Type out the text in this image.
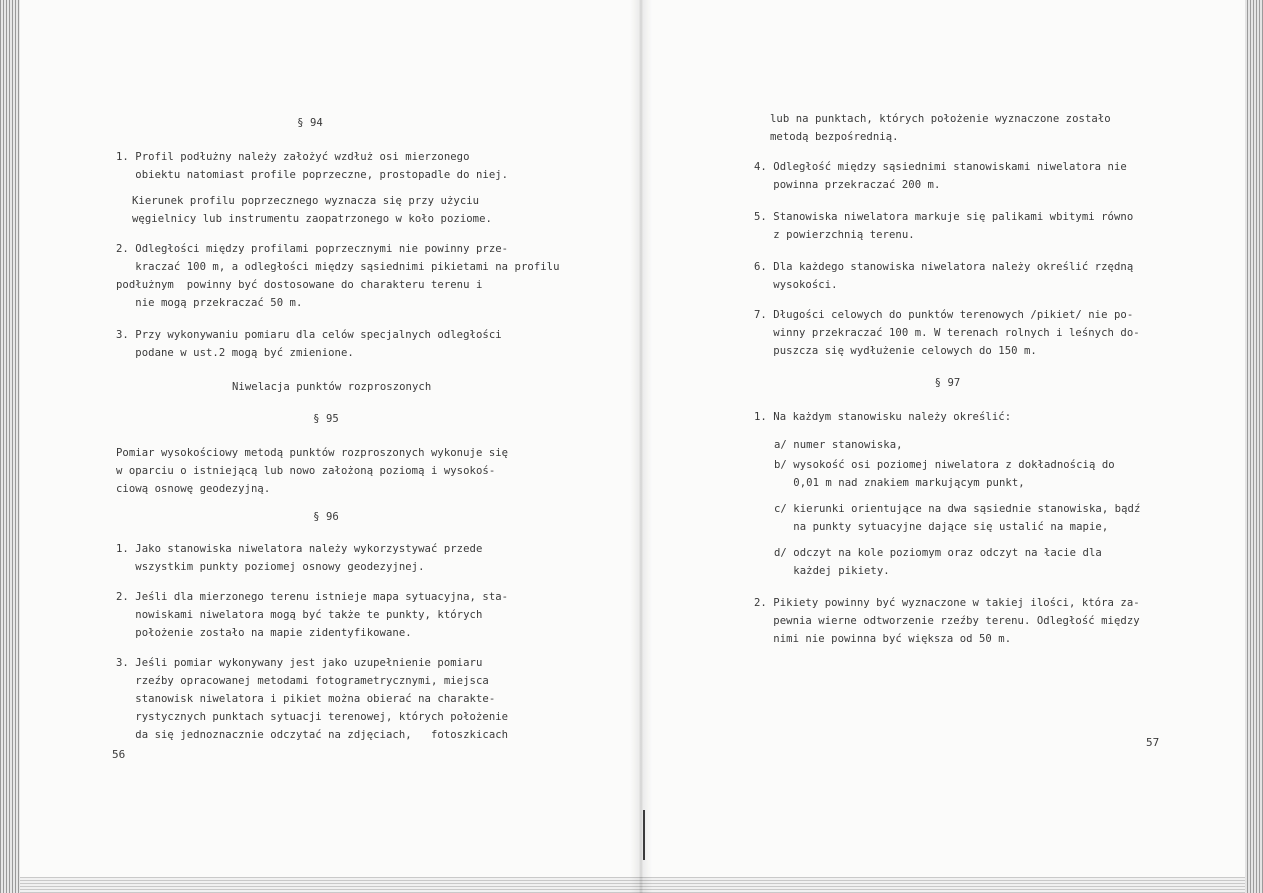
§ 94

1. Profil podłużny należy założyć wzdłuż osi mierzonego
obiektu natomiast profile poprzeczne, prostopadle do niej.

Kierunek profilu poprzecznego wyznacza się przy użyciu
węgielnicy lub instrumentu zaopatrzonego w koło poziome.

2. Odległości między profilami poprzecznymi nie powinny prze-
kraczać 100 m, a odległości między sąsiednimi pikietami na profilu
podłużnym  powinny być dostosowane do charakteru terenu i
nie mogą przekraczać 50 m.

3. Przy wykonywaniu pomiaru dla celów specjalnych odległości
podane w ust.2 mogą być zmienione.

Niwelacja punktów rozproszonych

§ 95

Pomiar wysokościowy metodą punktów rozproszonych wykonuje się
w oparciu o istniejącą lub nowo założoną poziomą i wysokoś-
ciową osnowę geodezyjną.

§ 96

1. Jako stanowiska niwelatora należy wykorzystywać przede
wszystkim punkty poziomej osnowy geodezyjnej.

2. Jeśli dla mierzonego terenu istnieje mapa sytuacyjna, sta-
nowiskami niwelatora mogą być także te punkty, których
położenie zostało na mapie zidentyfikowane.

3. Jeśli pomiar wykonywany jest jako uzupełnienie pomiaru
rzeźby opracowanej metodami fotogrametrycznymi, miejsca
stanowisk niwelatora i pikiet można obierać na charakte-
rystycznych punktach sytuacji terenowej, których położenie
da się jednoznacznie odczytać na zdjęciach,   fotoszkicach

56

lub na punktach, których położenie wyznaczone zostało
metodą bezpośrednią.

4. Odległość między sąsiednimi stanowiskami niwelatora nie
powinna przekraczać 200 m.

5. Stanowiska niwelatora markuje się palikami wbitymi równo
z powierzchnią terenu.

6. Dla każdego stanowiska niwelatora należy określić rzędną
wysokości.

7. Długości celowych do punktów terenowych /pikiet/ nie po-
winny przekraczać 100 m. W terenach rolnych i leśnych do-
puszcza się wydłużenie celowych do 150 m.

§ 97

1. Na każdym stanowisku należy określić:

a/ numer stanowiska,

b/ wysokość osi poziomej niwelatora z dokładnością do
0,01 m nad znakiem markującym punkt,

c/ kierunki orientujące na dwa sąsiednie stanowiska, bądź
na punkty sytuacyjne dające się ustalić na mapie,

d/ odczyt na kole poziomym oraz odczyt na łacie dla
każdej pikiety.

2. Pikiety powinny być wyznaczone w takiej ilości, która za-
pewnia wierne odtworzenie rzeźby terenu. Odległość między
nimi nie powinna być większa od 50 m.

57
